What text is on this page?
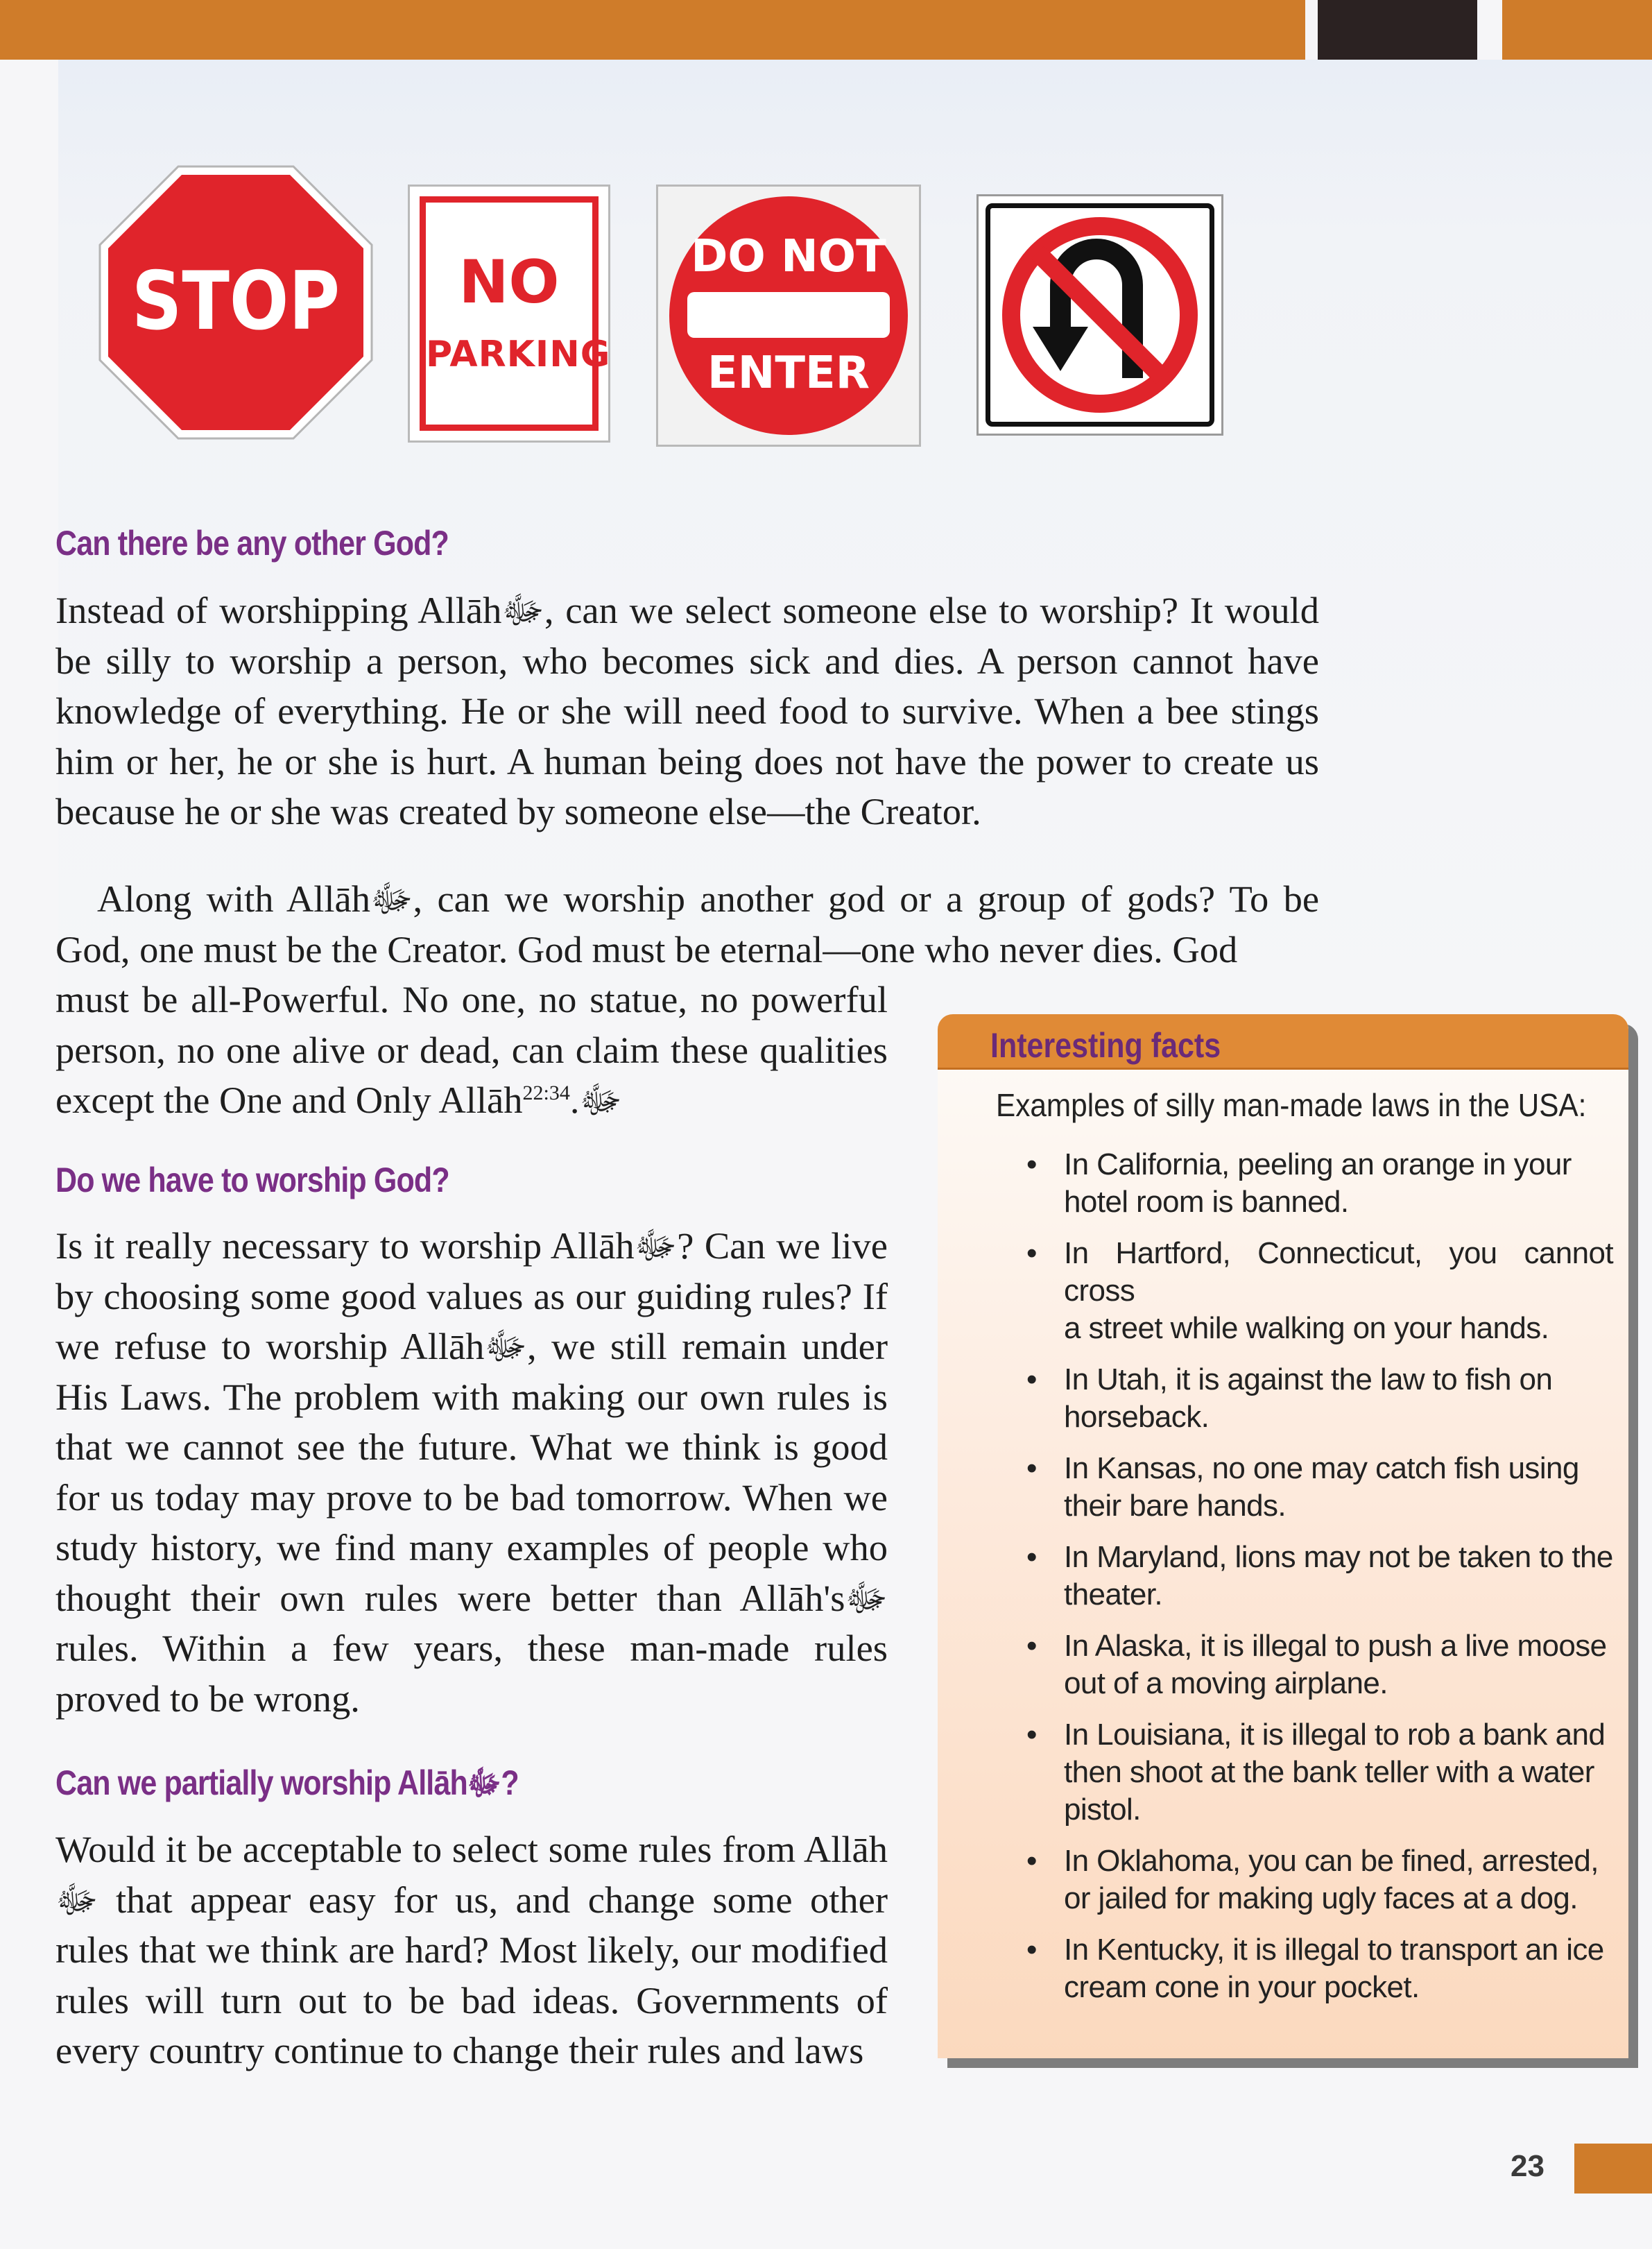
STOP	NO
PARKING
DO NOT
ENTER
Can there be any other God?

Instead of worshipping Allāhﷻ, can we select someone else to worship? It would be silly to worship a person, who becomes sick and dies. A person cannot have knowledge of everything. He or she will need food to survive. When a bee stings him or her, he or she is hurt. A human being does not have the power to create us because he or she was created by someone else—the Creator.

Along with Allāhﷻ, can we worship another god or a group of gods? To be God, one must be the Creator. God must be eternal—one who never dies. God

must be all-Powerful. No one, no statue, no powerful person, no one alive or dead, can claim these qualities except the One and Only Allāhﷻ.$^{22:34}$

Do we have to worship God?

Is it really necessary to worship Allāhﷻ? Can we live by choosing some good values as our guiding rules? If we refuse to worship Allāhﷻ, we still remain under His Laws. The problem with making our own rules is that we cannot see the future. What we think is good for us today may prove to be bad tomorrow. When we study history, we find many examples of people who thought their own rules were better than Allāh'sﷻ rules. Within a few years, these man-made rules proved to be wrong.

Can we partially worship Allāhﷻ?

Would it be acceptable to select some rules from Allāh ﷻ that appear easy for us, and change some other rules that we think are hard? Most likely, our modified rules will turn out to be bad ideas. Governments of every country continue to change their rules and laws

Interesting facts

Examples of silly man-made laws in the USA:

• In California, peeling an orange in your
hotel room is banned.
• In Hartford, Connecticut, you cannot cross
a street while walking on your hands.
• In Utah, it is against the law to fish on
horseback.
• In Kansas, no one may catch fish using
their bare hands.
• In Maryland, lions may not be taken to the
theater.
• In Alaska, it is illegal to push a live moose
out of a moving airplane.
• In Louisiana, it is illegal to rob a bank and
then shoot at the bank teller with a water
pistol.
• In Oklahoma, you can be fined, arrested,
or jailed for making ugly faces at a dog.
• In Kentucky, it is illegal to transport an ice
cream cone in your pocket.
23
